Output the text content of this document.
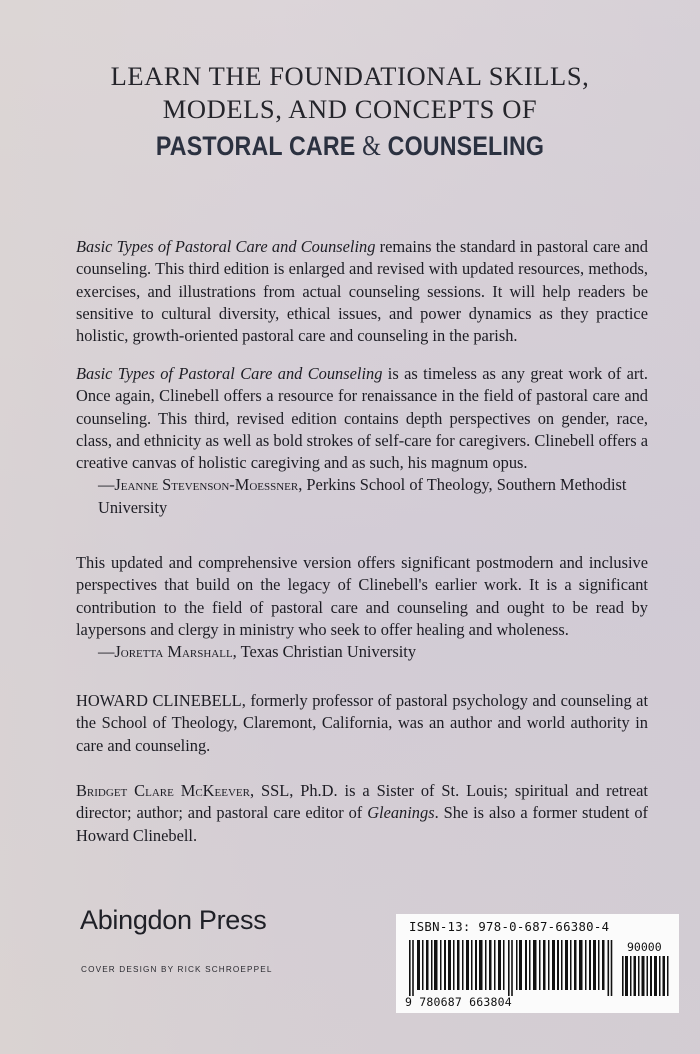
LEARN THE FOUNDATIONAL SKILLS,
MODELS, AND CONCEPTS OF
PASTORAL CARE & COUNSELING

Basic Types of Pastoral Care and Counseling remains the standard in pastoral care and counseling. This third edition is enlarged and revised with updated resources, methods, exercises, and illustrations from actual counseling sessions. It will help readers be sensitive to cultural diversity, ethical issues, and power dynamics as they practice holistic, growth-oriented pastoral care and counseling in the parish.

Basic Types of Pastoral Care and Counseling is as timeless as any great work of art. Once again, Clinebell offers a resource for renaissance in the field of pastoral care and counseling. This third, revised edition contains depth perspectives on gender, race, class, and ethnicity as well as bold strokes of self-care for caregivers. Clinebell offers a creative canvas of holistic caregiving and as such, his magnum opus.

—Jeanne Stevenson-Moessner, Perkins School of Theology, Southern Methodist University

This updated and comprehensive version offers significant postmodern and inclusive perspectives that build on the legacy of Clinebell's earlier work. It is a significant contribution to the field of pastoral care and counseling and ought to be read by laypersons and clergy in ministry who seek to offer healing and wholeness.

—Joretta Marshall, Texas Christian University

HOWARD CLINEBELL, formerly professor of pastoral psychology and counseling at the School of Theology, Claremont, California, was an author and world authority in care and counseling.

Bridget Clare McKeever, SSL, Ph.D. is a Sister of St. Louis; spiritual and retreat director; author; and pastoral care editor of Gleanings. She is also a former student of Howard Clinebell.

Abingdon Press
COVER DESIGN BY RICK SCHROEPPEL
ISBN-13: 978-0-687-66380-4
90000
9 780687 663804
